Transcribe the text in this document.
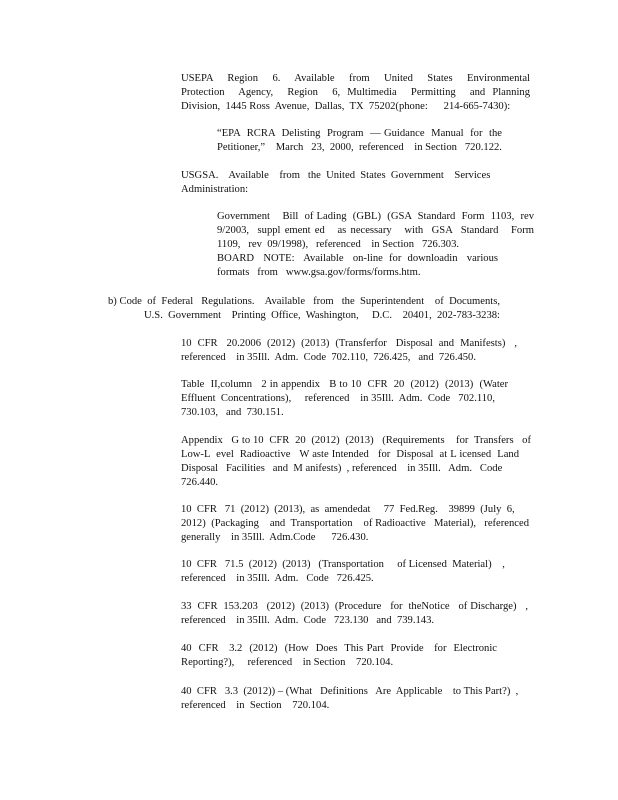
USEPA  Region  6.  Available  from  United  States  Environmental
Protection  Agency,  Region  6, Multimedia  Permitting  and Planning
Division,  1445 Ross  Avenue,  Dallas,  TX  75202(phone:      214-665-7430):
“EPA  RCRA  Delisting  Program  — Guidance  Manual  for  the
Petitioner,”    March   23,  2000,  referenced    in Section   720.122.
USGSA.    Available    from   the  United  States  Government    Services
Administration:
Government    Bill  of Lading  (GBL)  (GSA  Standard  Form  1103,  rev
9/2003,  suppl ement ed   as necessary   with  GSA  Standard   Form
1109,   rev  09/1998),   referenced    in Section   726.303.
BOARD   NOTE:   Available   on-line  for  downloadin   various
formats   from   www.gsa.gov/forms/forms.htm.
b) Code  of  Federal   Regulations.    Available   from   the  Superintendent    of  Documents,
U.S.  Government    Printing  Office,  Washington,     D.C.    20401,  202-783-3238:
10  CFR   20.2006  (2012)  (2013)  (Transferfor   Disposal  and  Manifests)   ,
referenced    in 35Ill.  Adm.  Code  702.110,  726.425,   and  726.450.
Table  II,column   2 in appendix   B to 10  CFR  20  (2012)  (2013)  (Water
Effluent  Concentrations),     referenced    in 35Ill.  Adm.  Code   702.110,
730.103,   and  730.151.
Appendix   G to 10  CFR  20  (2012)  (2013)   (Requirements    for  Transfers   of
Low-L  evel  Radioactive   W aste Intended   for  Disposal  at L icensed  Land
Disposal   Facilities   and  M anifests)  , referenced    in 35Ill.   Adm.   Code
726.440.
10  CFR   71  (2012)  (2013),  as  amendedat     77  Fed.Reg.    39899  (July  6,
2012)  (Packaging    and  Transportation    of Radioactive   Material),   referenced
generally    in 35Ill.  Adm.Code      726.430.
10  CFR   71.5  (2012)  (2013)   (Transportation     of Licensed  Material)    ,
referenced    in 35Ill.  Adm.   Code   726.425.
33  CFR  153.203   (2012)  (2013)  (Procedure   for  theNotice   of Discharge)   ,
referenced    in 35Ill.  Adm.  Code   723.130   and  739.143.
40  CFR   3.2  (2012)  (How  Does  This Part  Provide   for  Electronic
Reporting?),     referenced    in Section    720.104.
40  CFR   3.3  (2012)) – (What   Definitions   Are  Applicable    to This Part?)  ,
referenced    in  Section    720.104.
